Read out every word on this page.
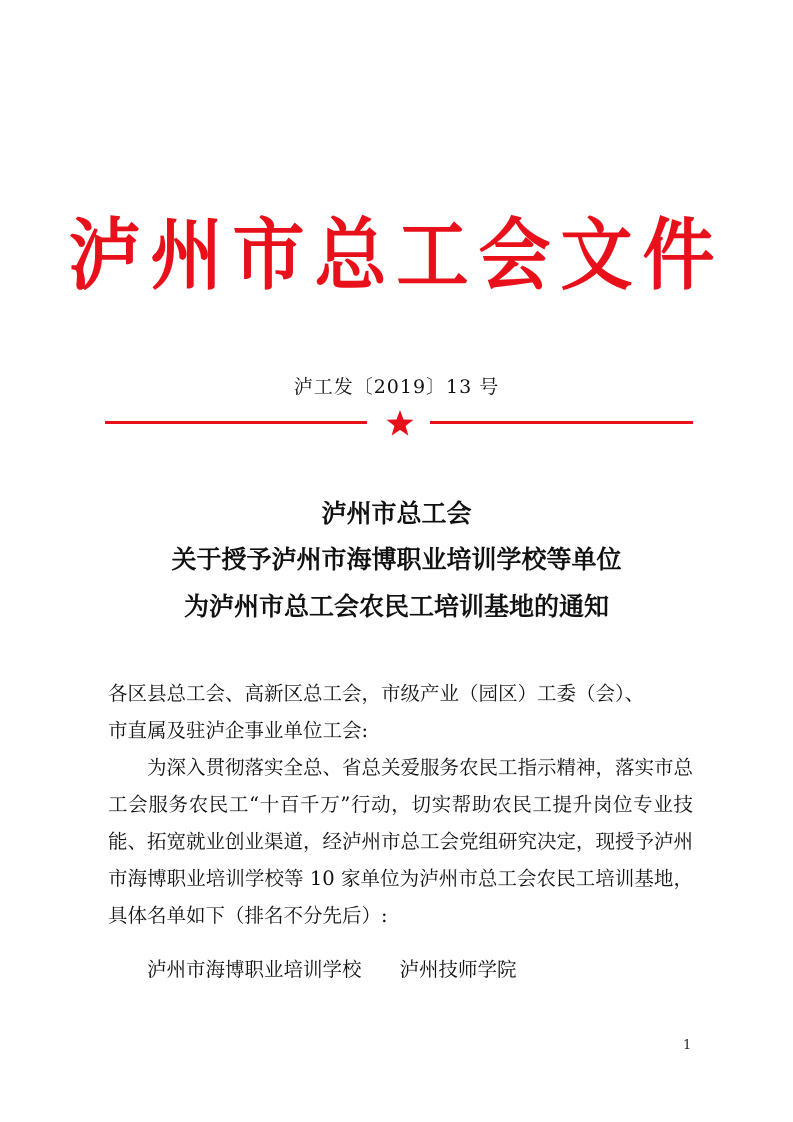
泸州市总工会文件
泸工发〔2019〕13 号
泸州市总工会
关于授予泸州市海博职业培训学校等单位
为泸州市总工会农民工培训基地的通知

各区县总工会、高新区总工会，市级产业（园区）工委（会）、

市直属及驻泸企事业单位工会:

为深入贯彻落实全总、省总关爱服务农民工指示精神，落实市总工会服务农民工“十百千万”行动，切实帮助农民工提升岗位专业技能、拓宽就业创业渠道，经泸州市总工会党组研究决定，现授予泸州市海博职业培训学校等 10 家单位为泸州市总工会农民工培训基地，具体名单如下（排名不分先后）:

泸州市海博职业培训学校 泸州技师学院
1
